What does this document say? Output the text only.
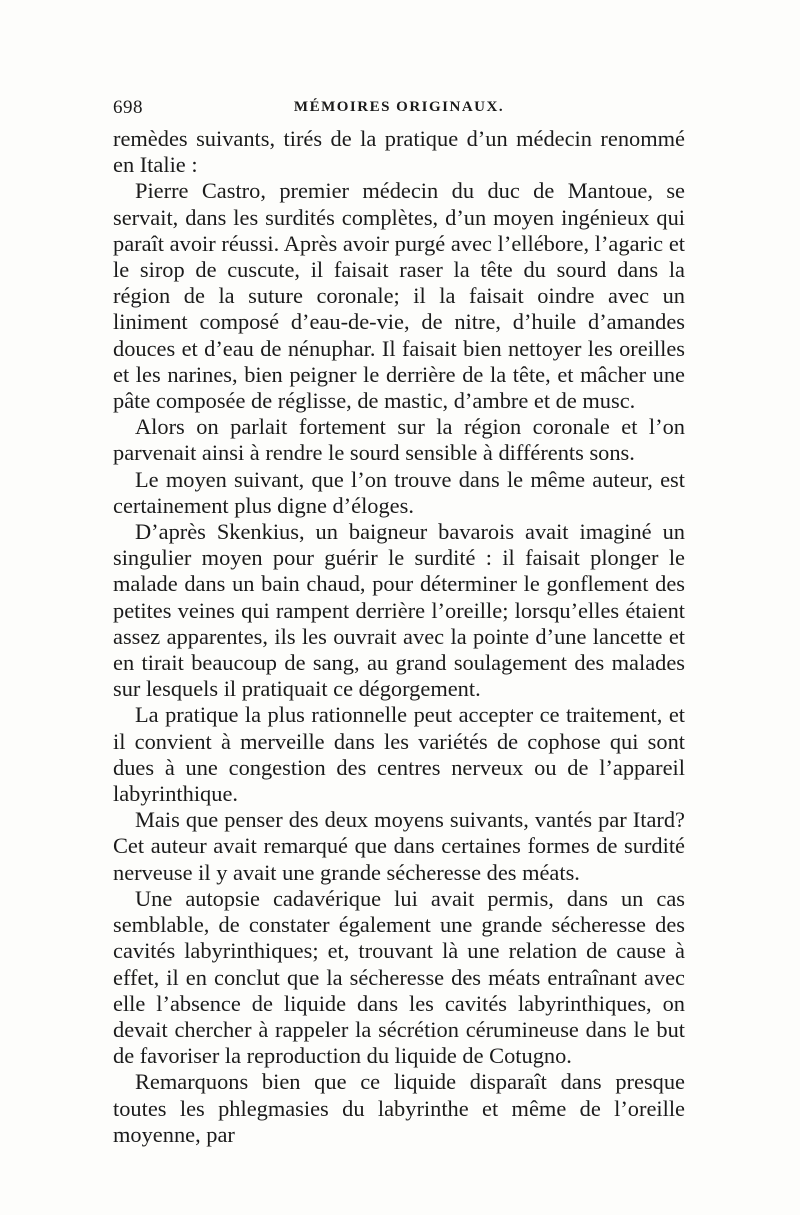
698	MÉMOIRES ORIGINAUX.

remèdes suivants, tirés de la pratique d’un médecin renommé en Italie :

Pierre Castro, premier médecin du duc de Mantoue, se servait, dans les surdités complètes, d’un moyen ingénieux qui paraît avoir réussi. Après avoir purgé avec l’ellébore, l’agaric et le sirop de cuscute, il faisait raser la tête du sourd dans la région de la suture coronale; il la faisait oindre avec un liniment composé d’eau-de-vie, de nitre, d’huile d’amandes douces et d’eau de nénuphar. Il faisait bien nettoyer les oreilles et les narines, bien peigner le derrière de la tête, et mâcher une pâte composée de réglisse, de mastic, d’ambre et de musc.

Alors on parlait fortement sur la région coronale et l’on parvenait ainsi à rendre le sourd sensible à différents sons.

Le moyen suivant, que l’on trouve dans le même auteur, est certainement plus digne d’éloges.

D’après Skenkius, un baigneur bavarois avait imaginé un singulier moyen pour guérir le surdité : il faisait plonger le malade dans un bain chaud, pour déterminer le gonflement des petites veines qui rampent derrière l’oreille; lorsqu’elles étaient assez apparentes, ils les ouvrait avec la pointe d’une lancette et en tirait beaucoup de sang, au grand soulagement des malades sur lesquels il pratiquait ce dégorgement.

La pratique la plus rationnelle peut accepter ce traitement, et il convient à merveille dans les variétés de cophose qui sont dues à une congestion des centres nerveux ou de l’appareil labyrinthique.

Mais que penser des deux moyens suivants, vantés par Itard? Cet auteur avait remarqué que dans certaines formes de surdité nerveuse il y avait une grande sécheresse des méats.

Une autopsie cadavérique lui avait permis, dans un cas semblable, de constater également une grande sécheresse des cavités labyrinthiques; et, trouvant là une relation de cause à effet, il en conclut que la sécheresse des méats entraînant avec elle l’absence de liquide dans les cavités labyrinthiques, on devait chercher à rappeler la sécrétion cérumineuse dans le but de favoriser la reproduction du liquide de Cotugno.

Remarquons bien que ce liquide disparaît dans presque toutes les phlegmasies du labyrinthe et même de l’oreille moyenne, par
